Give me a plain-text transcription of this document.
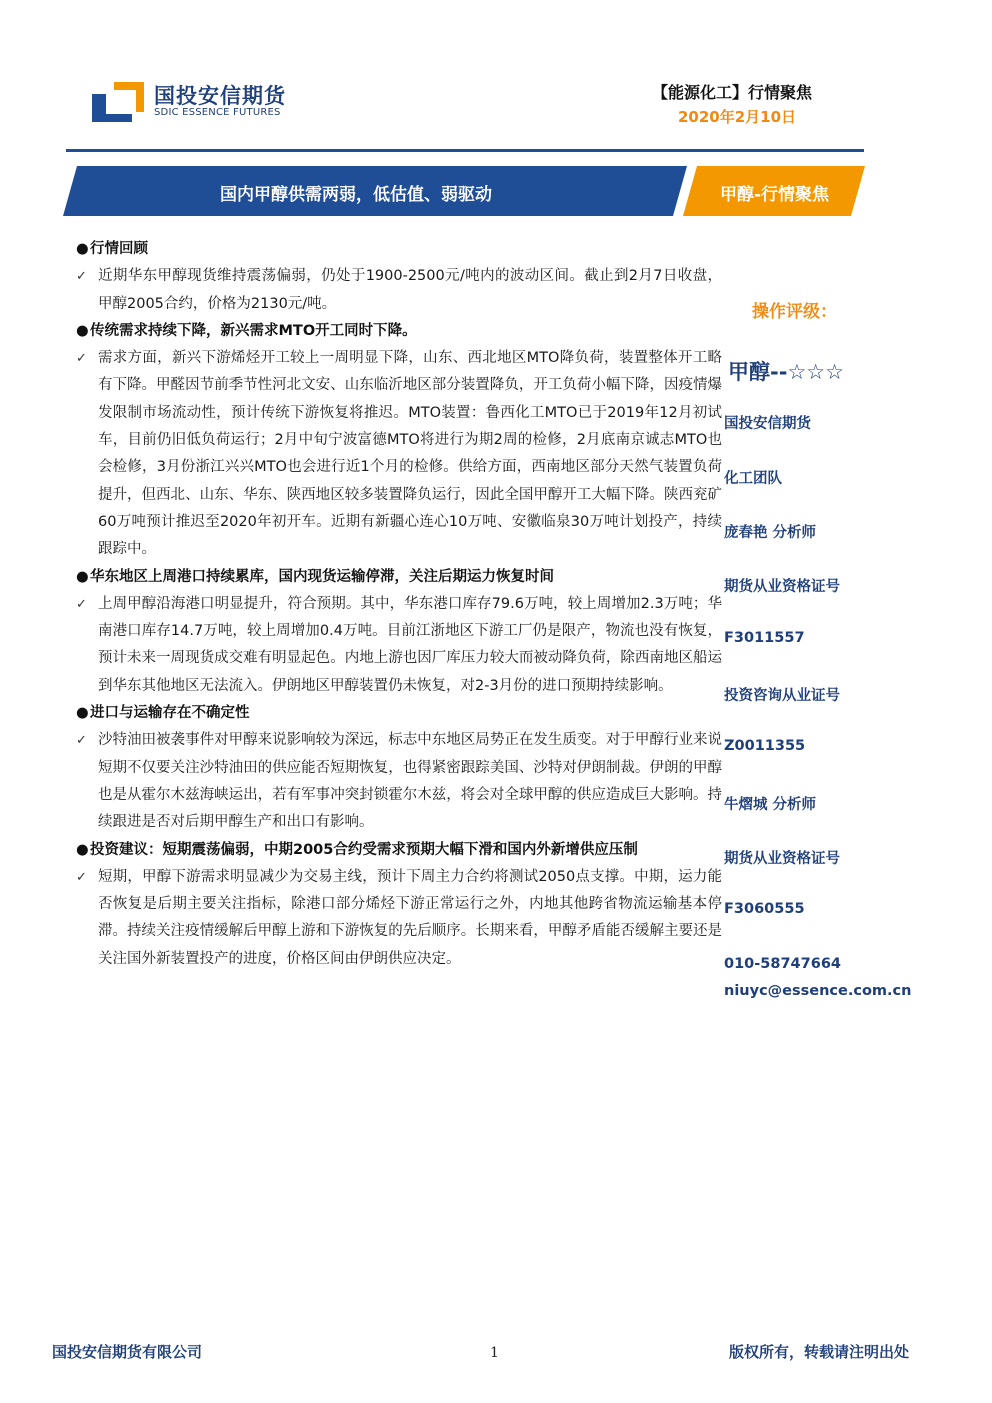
国投安信期货
SDIC ESSENCE FUTURES
【能源化工】行情聚焦
2020年2月10日
国内甲醇供需两弱，低估值、弱驱动	甲醇-行情聚焦

● 行情回顾

✓ 近期华东甲醇现货维持震荡偏弱，仍处于1900-2500元/吨内的波动区间。截止到2月7日收盘，甲醇2005合约，价格为2130元/吨。

● 传统需求持续下降，新兴需求MTO开工同时下降。

✓ 需求方面，新兴下游烯烃开工较上一周明显下降，山东、西北地区MTO降负荷，装置整体开工略有下降。甲醛因节前季节性河北文安、山东临沂地区部分装置降负，开工负荷小幅下降，因疫情爆发限制市场流动性，预计传统下游恢复将推迟。MTO装置：鲁西化工MTO已于2019年12月初试车，目前仍旧低负荷运行；2月中旬宁波富德MTO将进行为期2周的检修，2月底南京诚志MTO也会检修，3月份浙江兴兴MTO也会进行近1个月的检修。供给方面，西南地区部分天然气装置负荷提升，但西北、山东、华东、陕西地区较多装置降负运行，因此全国甲醇开工大幅下降。陕西兖矿60万吨预计推迟至2020年初开车。近期有新疆心连心10万吨、安徽临泉30万吨计划投产，持续跟踪中。

● 华东地区上周港口持续累库，国内现货运输停滞，关注后期运力恢复时间

✓ 上周甲醇沿海港口明显提升，符合预期。其中，华东港口库存79.6万吨，较上周增加2.3万吨；华南港口库存14.7万吨，较上周增加0.4万吨。目前江浙地区下游工厂仍是限产，物流也没有恢复，预计未来一周现货成交难有明显起色。内地上游也因厂库压力较大而被动降负荷，除西南地区船运到华东其他地区无法流入。伊朗地区甲醇装置仍未恢复，对2-3月份的进口预期持续影响。

● 进口与运输存在不确定性

✓ 沙特油田被袭事件对甲醇来说影响较为深远，标志中东地区局势正在发生质变。对于甲醇行业来说短期不仅要关注沙特油田的供应能否短期恢复，也得紧密跟踪美国、沙特对伊朗制裁。伊朗的甲醇也是从霍尔木兹海峡运出，若有军事冲突封锁霍尔木兹，将会对全球甲醇的供应造成巨大影响。持续跟进是否对后期甲醇生产和出口有影响。

● 投资建议：短期震荡偏弱，中期2005合约受需求预期大幅下滑和国内外新增供应压制

✓ 短期，甲醇下游需求明显减少为交易主线，预计下周主力合约将测试2050点支撑。中期，运力能否恢复是后期主要关注指标，除港口部分烯烃下游正常运行之外，内地其他跨省物流运输基本停滞。持续关注疫情缓解后甲醇上游和下游恢复的先后顺序。长期来看，甲醇矛盾能否缓解主要还是关注国外新装置投产的进度，价格区间由伊朗供应决定。

操作评级：
甲醇--☆☆☆
国投安信期货
化工团队
庞春艳 分析师
期货从业资格证号
F3011557
投资咨询从业证号
Z0011355
牛熠城 分析师
期货从业资格证号
F3060555
010-58747664
niuyc@essence.com.cn
国投安信期货有限公司	1	版权所有，转载请注明出处
